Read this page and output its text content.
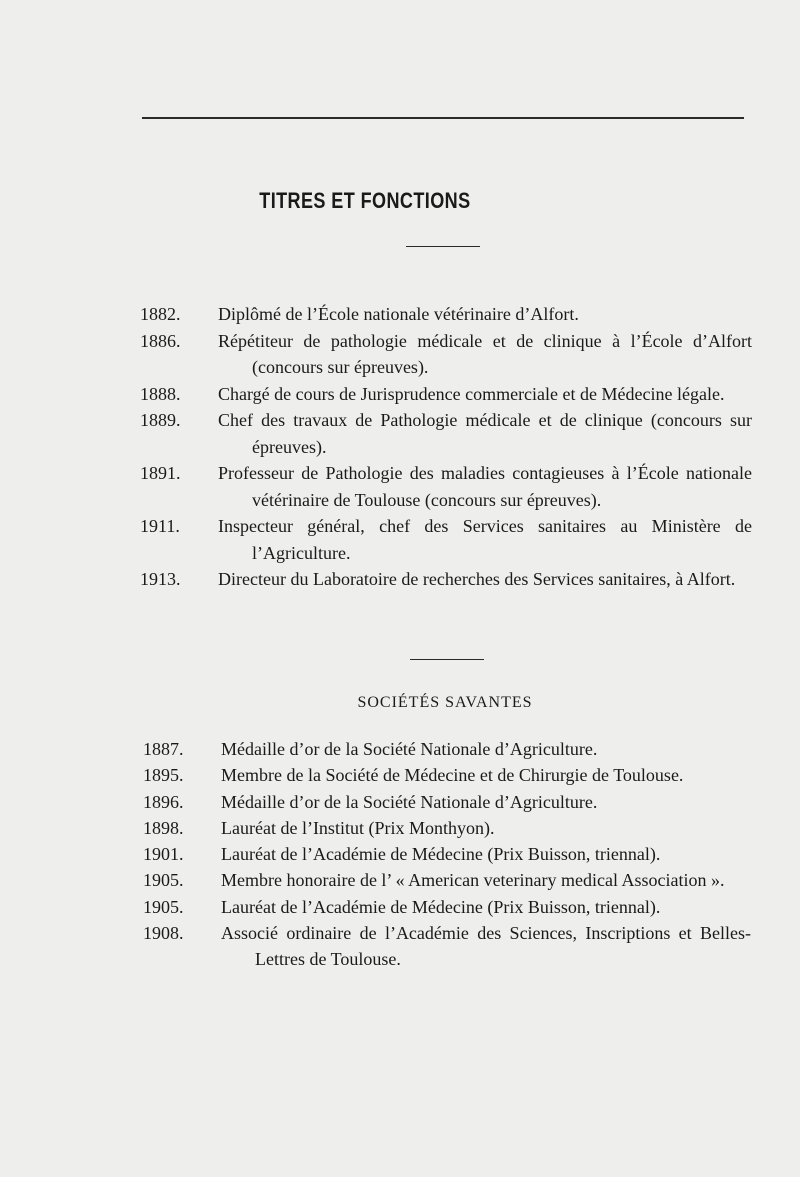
TITRES ET FONCTIONS
1882. Diplômé de l’École nationale vétérinaire d’Alfort.
1886. Répétiteur de pathologie médicale et de clinique à l’École d’Alfort (concours sur épreuves).
1888. Chargé de cours de Jurisprudence commerciale et de Médecine légale.
1889. Chef des travaux de Pathologie médicale et de clinique (concours sur épreuves).
1891. Professeur de Pathologie des maladies contagieuses à l’École nationale vétérinaire de Toulouse (concours sur épreuves).
1911. Inspecteur général, chef des Services sanitaires au Ministère de l’Agriculture.
1913. Directeur du Laboratoire de recherches des Services sanitaires, à Alfort.
SOCIÉTÉS SAVANTES
1887. Médaille d’or de la Société Nationale d’Agriculture.
1895. Membre de la Société de Médecine et de Chirurgie de Toulouse.
1896. Médaille d’or de la Société Nationale d’Agriculture.
1898. Lauréat de l’Institut (Prix Monthyon).
1901. Lauréat de l’Académie de Médecine (Prix Buisson, triennal).
1905. Membre honoraire de l’ « American veterinary medical Association ».
1905. Lauréat de l’Académie de Médecine (Prix Buisson, triennal).
1908. Associé ordinaire de l’Académie des Sciences, Inscriptions et Belles-Lettres de Toulouse.
